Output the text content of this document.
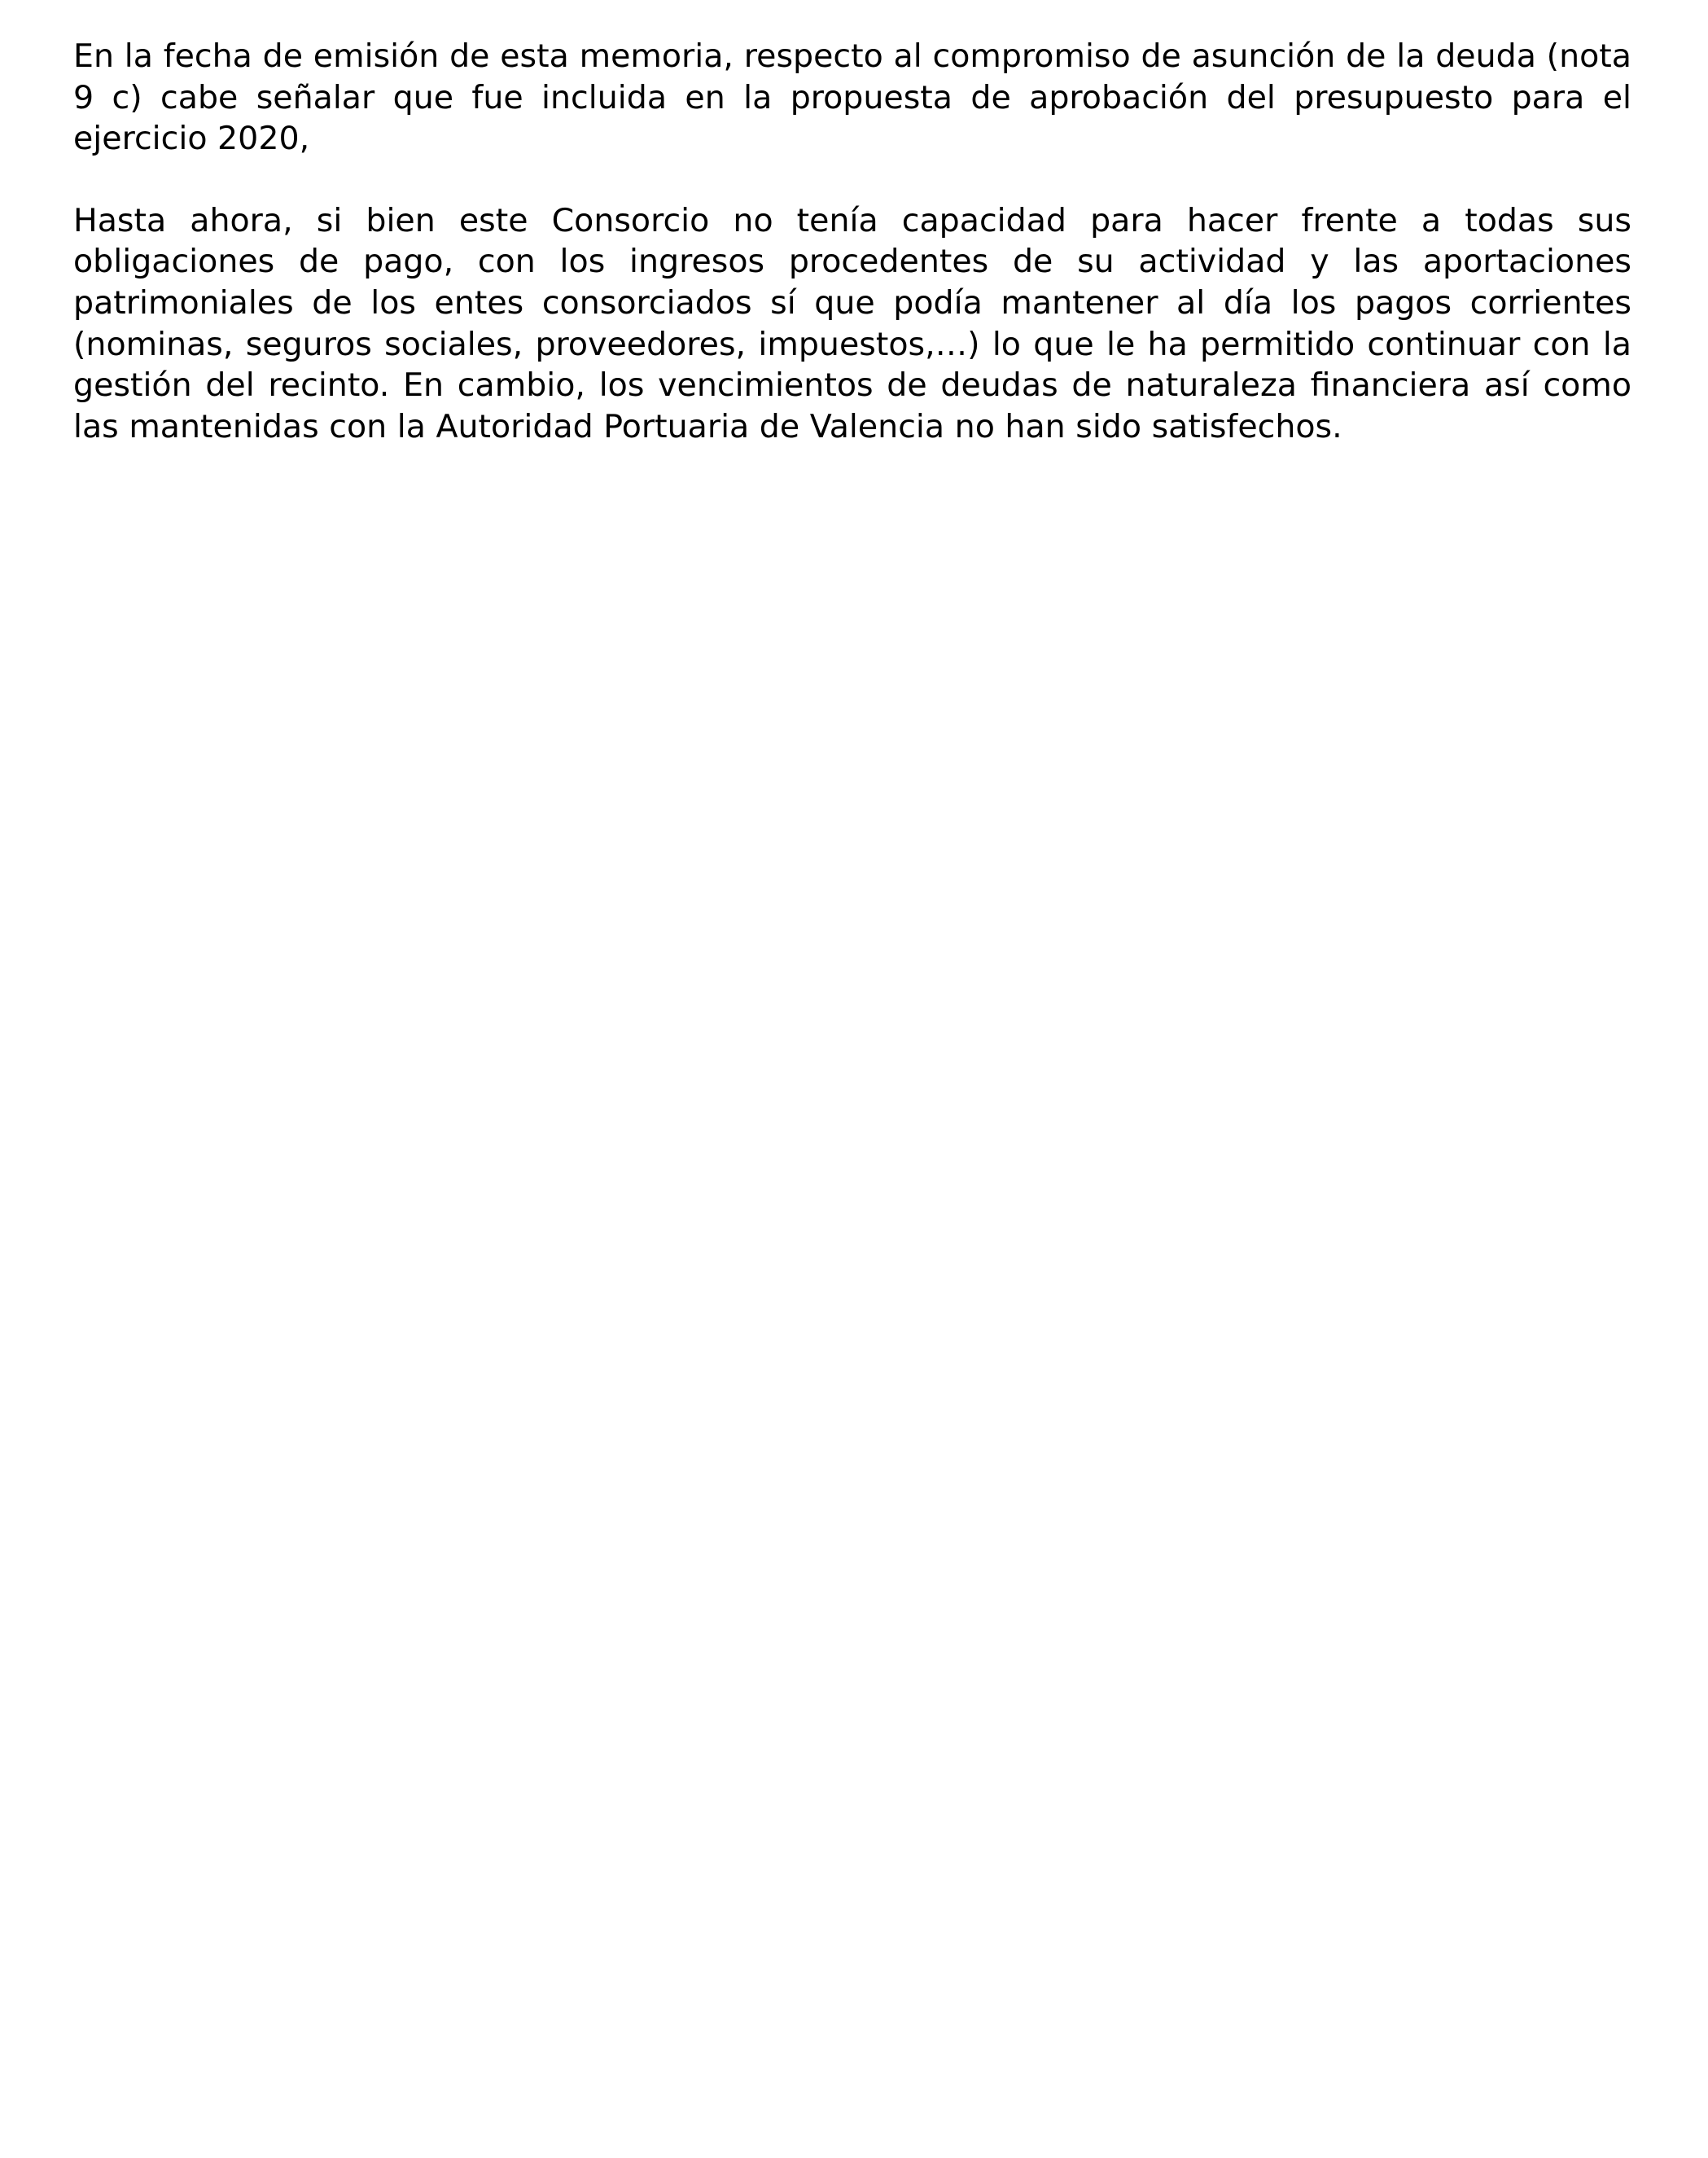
En la fecha de emisión de esta memoria, respecto al compromiso de asunción de la deuda (nota 9 c) cabe señalar que fue incluida en la propuesta de aprobación del presupuesto para el ejercicio 2020,

Hasta ahora, si bien este Consorcio no tenía capacidad para hacer frente a todas sus obligaciones de pago, con los ingresos procedentes de su actividad y las aportaciones patrimoniales de los entes consorciados sí que podía mantener al día los pagos corrientes (nominas, seguros sociales, proveedores, impuestos,…) lo que le ha permitido continuar con la gestión del recinto. En cambio, los vencimientos de deudas de naturaleza financiera así como las mantenidas con la Autoridad Portuaria de Valencia no han sido satisfechos.
